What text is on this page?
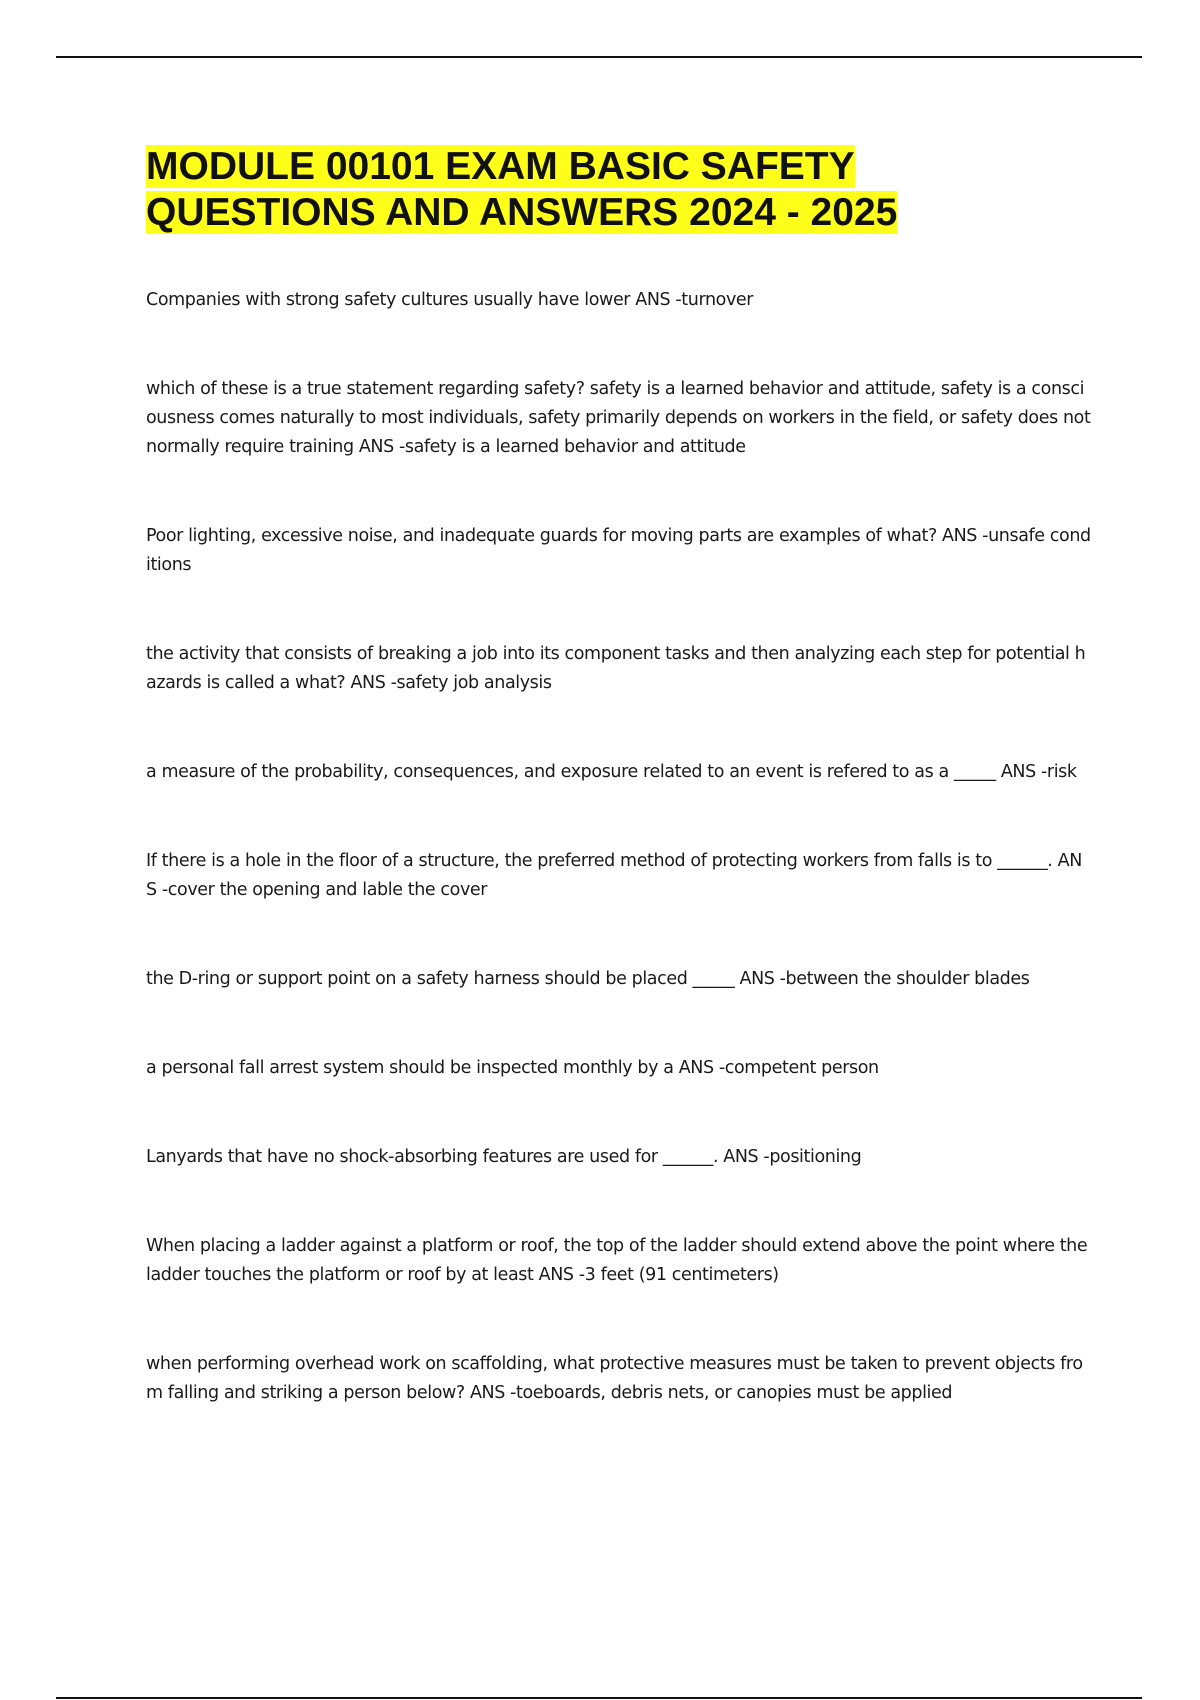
MODULE 00101 EXAM BASIC SAFETY
QUESTIONS AND ANSWERS 2024 - 2025

Companies with strong safety cultures usually have lower ANS -turnover

which of these is a true statement regarding safety? safety is a learned behavior and attitude, safety is a consciousness comes naturally to most individuals, safety primarily depends on workers in the field, or safety does not normally require training ANS -safety is a learned behavior and attitude

Poor lighting, excessive noise, and inadequate guards for moving parts are examples of what? ANS -unsafe conditions

the activity that consists of breaking a job into its component tasks and then analyzing each step for potential hazards is called a what? ANS -safety job analysis

a measure of the probability, consequences, and exposure related to an event is refered to as a _____ ANS -risk

If there is a hole in the floor of a structure, the preferred method of protecting workers from falls is to ______. ANS -cover the opening and lable the cover

the D-ring or support point on a safety harness should be placed _____ ANS -between the shoulder blades

a personal fall arrest system should be inspected monthly by a ANS -competent person

Lanyards that have no shock-absorbing features are used for ______. ANS -positioning

When placing a ladder against a platform or roof, the top of the ladder should extend above the point where the ladder touches the platform or roof by at least ANS -3 feet (91 centimeters)

when performing overhead work on scaffolding, what protective measures must be taken to prevent objects from falling and striking a person below? ANS -toeboards, debris nets, or canopies must be applied
